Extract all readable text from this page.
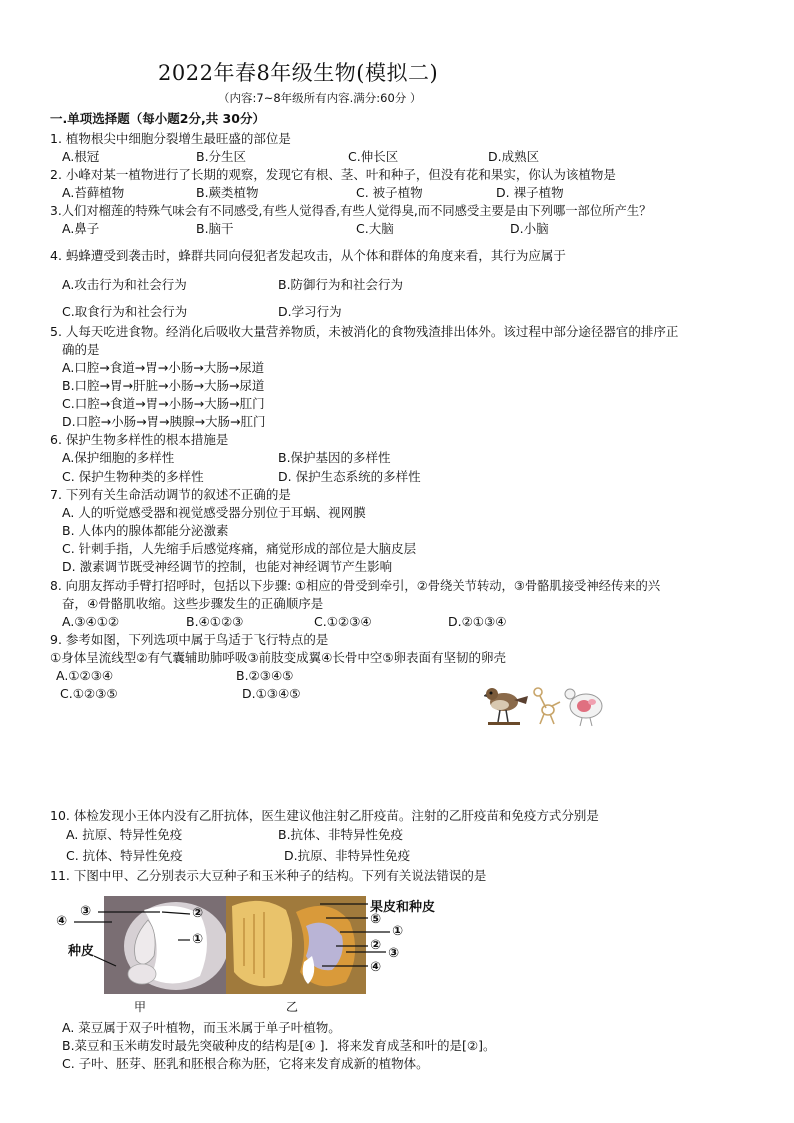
2022年春8年级生物(模拟二)
（内容:7~8年级所有内容.满分:60分 ）
一.单项选择题（每小题2分,共 30分）
1. 植物根尖中细胞分裂增生最旺盛的部位是
A.根冠	B.分生区	C.伸长区	D.成熟区
2. 小峰对某一植物进行了长期的观察，发现它有根、茎、叶和种子，但没有花和果实，你认为该植物是
A.苔藓植物	B.蕨类植物	C. 被子植物	D. 裸子植物
3.人们对榴莲的特殊气味会有不同感受,有些人觉得香,有些人觉得臭,而不同感受主要是由下列哪一部位所产生？
A.鼻子	B.脑干	C.大脑	D.小脑
4. 蚂蜂遭受到袭击时，蜂群共同向侵犯者发起攻击，从个体和群体的角度来看，其行为应属于
A.攻击行为和社会行为	B.防御行为和社会行为
C.取食行为和社会行为	D.学习行为
5. 人每天吃进食物。经消化后吸收大量营养物质，未被消化的食物残渣排出体外。该过程中部分途径器官的排序正
确的是
A.口腔→食道→胃→小肠→大肠→尿道
B.口腔→胃→肝脏→小肠→大肠→尿道
C.口腔→食道→胃→小肠→大肠→肛门
D.口腔→小肠→胃→胰腺→大肠→肛门
6. 保护生物多样性的根本措施是
A.保护细胞的多样性	B.保护基因的多样性
C. 保护生物种类的多样性	D. 保护生态系统的多样性
7. 下列有关生命活动调节的叙述不正确的是
A. 人的听觉感受器和视觉感受器分别位于耳蜗、视网膜
B. 人体内的腺体都能分泌激素
C. 针刺手指，人先缩手后感觉疼痛，痛觉形成的部位是大脑皮层
D. 激素调节既受神经调节的控制，也能对神经调节产生影响
8. 向朋友挥动手臂打招呼时，包括以下步骤: ①相应的骨受到牵引，②骨绕关节转动，③骨骼肌接受神经传来的兴
奋，④骨骼肌收缩。这些步骤发生的正确顺序是
A.③④①②	B.④①②③	C.①②③④	D.②①③④
9. 参考如图，下列选项中属于鸟适于飞行特点的是
①身体呈流线型②有气囊辅助肺呼吸③前肢变成翼④长骨中空⑤卵表面有坚韧的卵壳
A.①②③④	B.②③④⑤
C.①②③⑤	D.①③④⑤
10. 体检发现小王体内没有乙肝抗体，医生建议他注射乙肝疫苗。注射的乙肝疫苗和免疫方式分别是
A. 抗原、特异性免疫	B.抗体、非特异性免疫
C. 抗体、特异性免疫	D.抗原、非特异性免疫
11. 下图中甲、乙分别表示大豆种子和玉米种子的结构。下列有关说法错误的是
④
③	②
①
种皮
果皮和种皮
⑤
①
②
③
④
甲	乙
A. 菜豆属于双子叶植物，而玉米属于单子叶植物。
B.菜豆和玉米萌发时最先突破种皮的结构是[④ ]．将来发育成茎和叶的是[②]。
C. 子叶、胚芽、胚乳和胚根合称为胚，它将来发育成新的植物体。
